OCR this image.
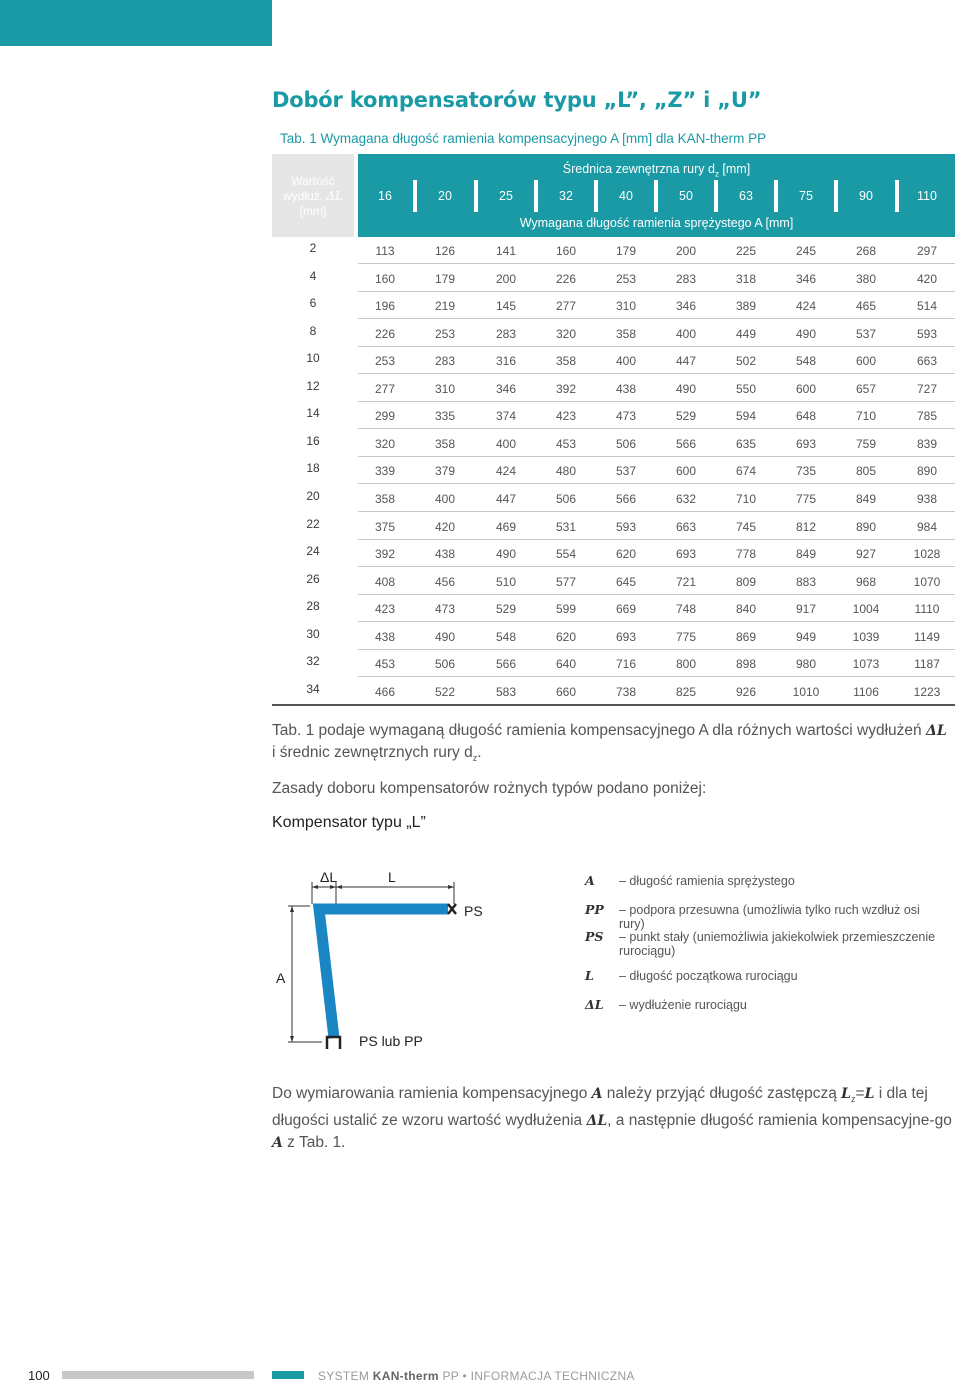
Dobór kompensatorów typu „L”, „Z” i „U”
Tab. 1 Wymagana długość ramienia kompensacyjnego A [mm] dla KAN-therm PP
Wartość
wydłuż. ΔL
[mm]
Średnica zewnętrzna rury $d_z$ [mm]
Wymagana długość ramienia sprężystego A [mm]
16	20	25	32	40	50	63	75	90	110
2	113	126	141	160	179	200	225	245	268	297
4	160	179	200	226	253	283	318	346	380	420
6	196	219	145	277	310	346	389	424	465	514
8	226	253	283	320	358	400	449	490	537	593
10	253	283	316	358	400	447	502	548	600	663
12	277	310	346	392	438	490	550	600	657	727
14	299	335	374	423	473	529	594	648	710	785
16	320	358	400	453	506	566	635	693	759	839
18	339	379	424	480	537	600	674	735	805	890
20	358	400	447	506	566	632	710	775	849	938
22	375	420	469	531	593	663	745	812	890	984
24	392	438	490	554	620	693	778	849	927	1028
26	408	456	510	577	645	721	809	883	968	1070
28	423	473	529	599	669	748	840	917	1004	1110
30	438	490	548	620	693	775	869	949	1039	1149
32	453	506	566	640	716	800	898	980	1073	1187
34	466	522	583	660	738	825	926	1010	1106	1223
Tab. 1 podaje wymaganą długość ramienia kompensacyjnego A dla różnych wartości wydłużeń ΔL i średnic zewnętrznych rury $d_z$.
Zasady doboru kompensatorów rożnych typów podano poniżej:
Kompensator typu „L”
ΔL	L
A
PS
PS lub PP
A – długość ramienia sprężystego
PP – podpora przesuwna (umożliwia tylko ruch wzdłuż osi rury)
PS – punkt stały (uniemożliwia jakiekolwiek przemieszczenie rurociągu)
L – długość początkowa rurociągu
ΔL – wydłużenie rurociągu
Do wymiarowania ramienia kompensacyjnego A należy przyjąć długość zastępczą $L_z=L$ i dla tej długości ustalić ze wzoru wartość wydłużenia ΔL, a następnie długość ramienia kompensacyjne-go A z Tab. 1.
100	SYSTEM KAN-therm PP • INFORMACJA TECHNICZNA
